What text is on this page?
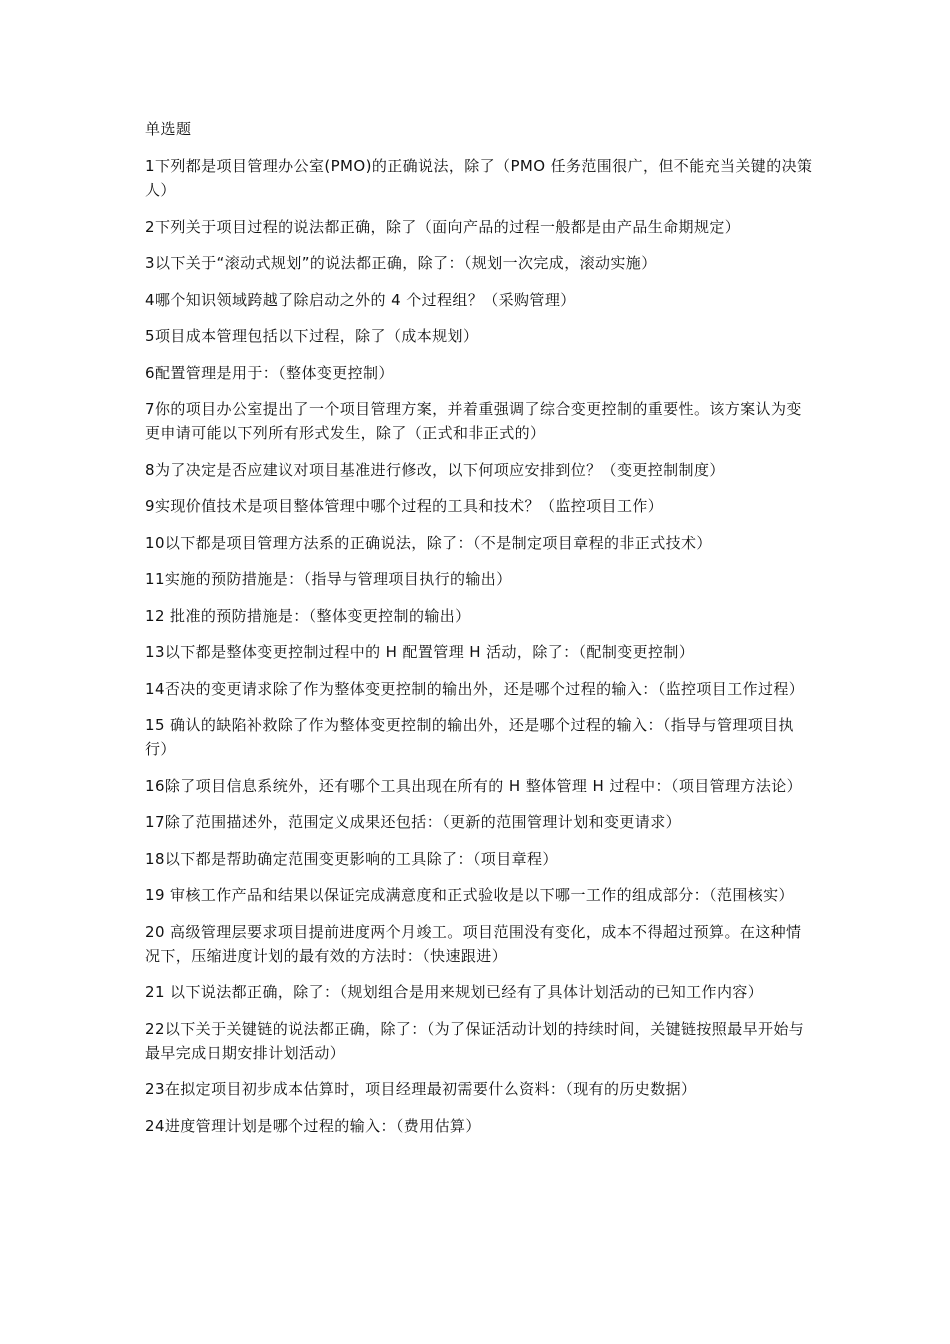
单选题
1下列都是项目管理办公室(PMO)的正确说法，除了（PMO 任务范围很广，但不能充当关键的决策人）
2下列关于项目过程的说法都正确，除了（面向产品的过程一般都是由产品生命期规定）
3以下关于“滚动式规划”的说法都正确，除了：（规划一次完成，滚动实施）
4哪个知识领域跨越了除启动之外的 4 个过程组？（采购管理）
5项目成本管理包括以下过程，除了（成本规划）
6配置管理是用于：（整体变更控制）
7你的项目办公室提出了一个项目管理方案，并着重强调了综合变更控制的重要性。该方案认为变更申请可能以下列所有形式发生，除了（正式和非正式的）
8为了决定是否应建议对项目基准进行修改，以下何项应安排到位？（变更控制制度）
9实现价值技术是项目整体管理中哪个过程的工具和技术？（监控项目工作）
10以下都是项目管理方法系的正确说法，除了：（不是制定项目章程的非正式技术）
11实施的预防措施是：（指导与管理项目执行的输出）
12 批准的预防措施是：（整体变更控制的输出）
13以下都是整体变更控制过程中的 H 配置管理 H 活动，除了：（配制变更控制）
14否决的变更请求除了作为整体变更控制的输出外，还是哪个过程的输入：（监控项目工作过程）
15 确认的缺陷补救除了作为整体变更控制的输出外，还是哪个过程的输入：（指导与管理项目执行）
16除了项目信息系统外，还有哪个工具出现在所有的 H 整体管理 H 过程中：（项目管理方法论）
17除了范围描述外，范围定义成果还包括：（更新的范围管理计划和变更请求）
18以下都是帮助确定范围变更影响的工具除了：（项目章程）
19 审核工作产品和结果以保证完成满意度和正式验收是以下哪一工作的组成部分：（范围核实）
20 高级管理层要求项目提前进度两个月竣工。项目范围没有变化，成本不得超过预算。在这种情况下，压缩进度计划的最有效的方法时：（快速跟进）
21 以下说法都正确，除了：（规划组合是用来规划已经有了具体计划活动的已知工作内容）
22以下关于关键链的说法都正确，除了：（为了保证活动计划的持续时间，关键链按照最早开始与最早完成日期安排计划活动）
23在拟定项目初步成本估算时，项目经理最初需要什么资料：（现有的历史数据）
24进度管理计划是哪个过程的输入：（费用估算）
